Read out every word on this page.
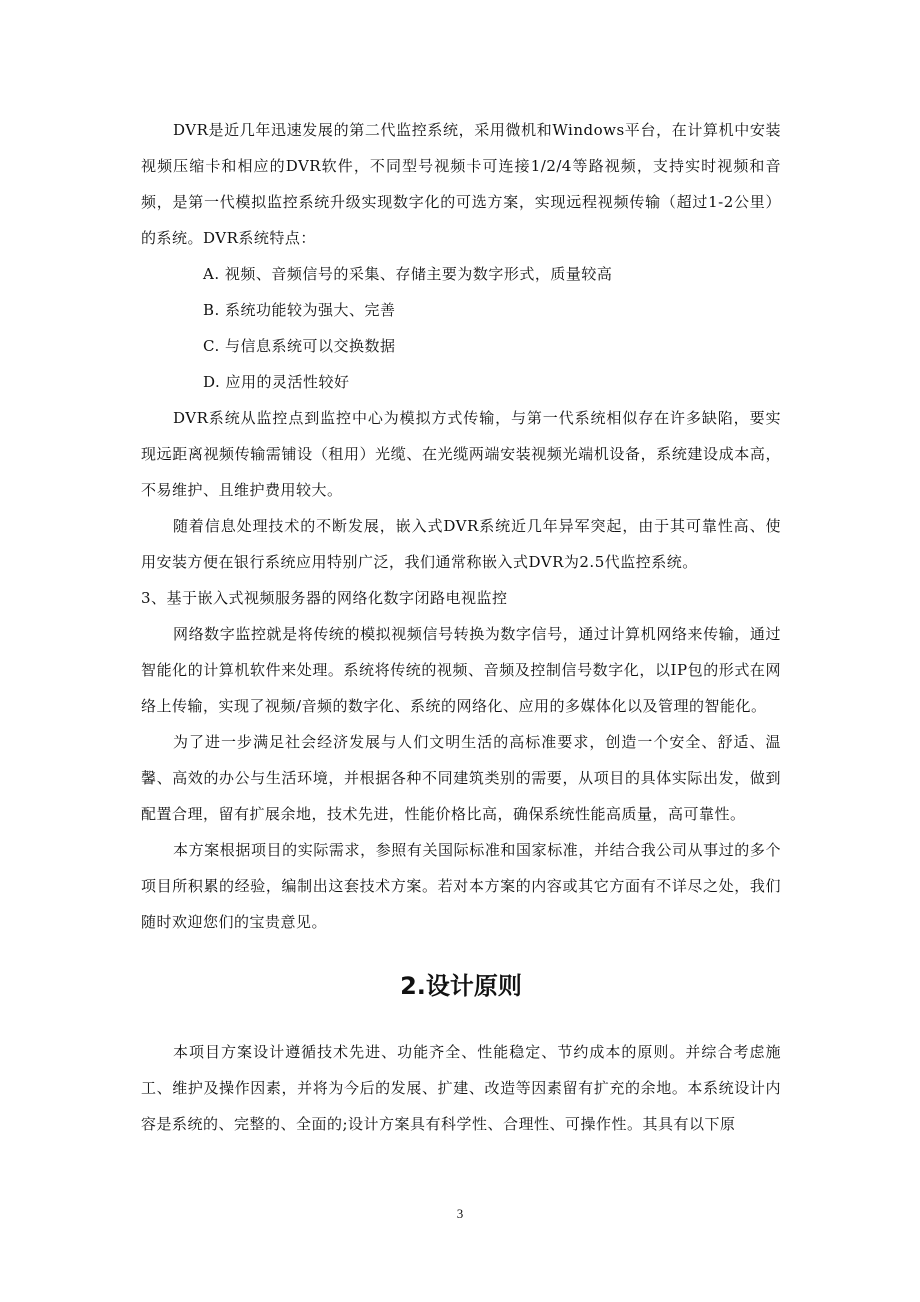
DVR是近几年迅速发展的第二代监控系统，采用微机和Windows平台，在计算机中安装视频压缩卡和相应的DVR软件，不同型号视频卡可连接1/2/4等路视频，支持实时视频和音频，是第一代模拟监控系统升级实现数字化的可选方案，实现远程视频传输（超过1-2公里）的系统。DVR系统特点：

A. 视频、音频信号的采集、存储主要为数字形式，质量较高

B. 系统功能较为强大、完善

C. 与信息系统可以交换数据

D. 应用的灵活性较好

DVR系统从监控点到监控中心为模拟方式传输，与第一代系统相似存在许多缺陷，要实现远距离视频传输需铺设（租用）光缆、在光缆两端安装视频光端机设备，系统建设成本高，不易维护、且维护费用较大。

随着信息处理技术的不断发展，嵌入式DVR系统近几年异军突起，由于其可靠性高、使用安装方便在银行系统应用特别广泛，我们通常称嵌入式DVR为2.5代监控系统。

3、基于嵌入式视频服务器的网络化数字闭路电视监控

网络数字监控就是将传统的模拟视频信号转换为数字信号，通过计算机网络来传输，通过智能化的计算机软件来处理。系统将传统的视频、音频及控制信号数字化，以IP包的形式在网络上传输，实现了视频/音频的数字化、系统的网络化、应用的多媒体化以及管理的智能化。

为了进一步满足社会经济发展与人们文明生活的高标准要求，创造一个安全、舒适、温馨、高效的办公与生活环境，并根据各种不同建筑类别的需要，从项目的具体实际出发，做到配置合理，留有扩展余地，技术先进，性能价格比高，确保系统性能高质量，高可靠性。

本方案根据项目的实际需求，参照有关国际标准和国家标准，并结合我公司从事过的多个项目所积累的经验，编制出这套技术方案。若对本方案的内容或其它方面有不详尽之处，我们随时欢迎您们的宝贵意见。

2.设计原则

本项目方案设计遵循技术先进、功能齐全、性能稳定、节约成本的原则。并综合考虑施工、维护及操作因素，并将为今后的发展、扩建、改造等因素留有扩充的余地。本系统设计内容是系统的、完整的、全面的;设计方案具有科学性、合理性、可操作性。其具有以下原

3
